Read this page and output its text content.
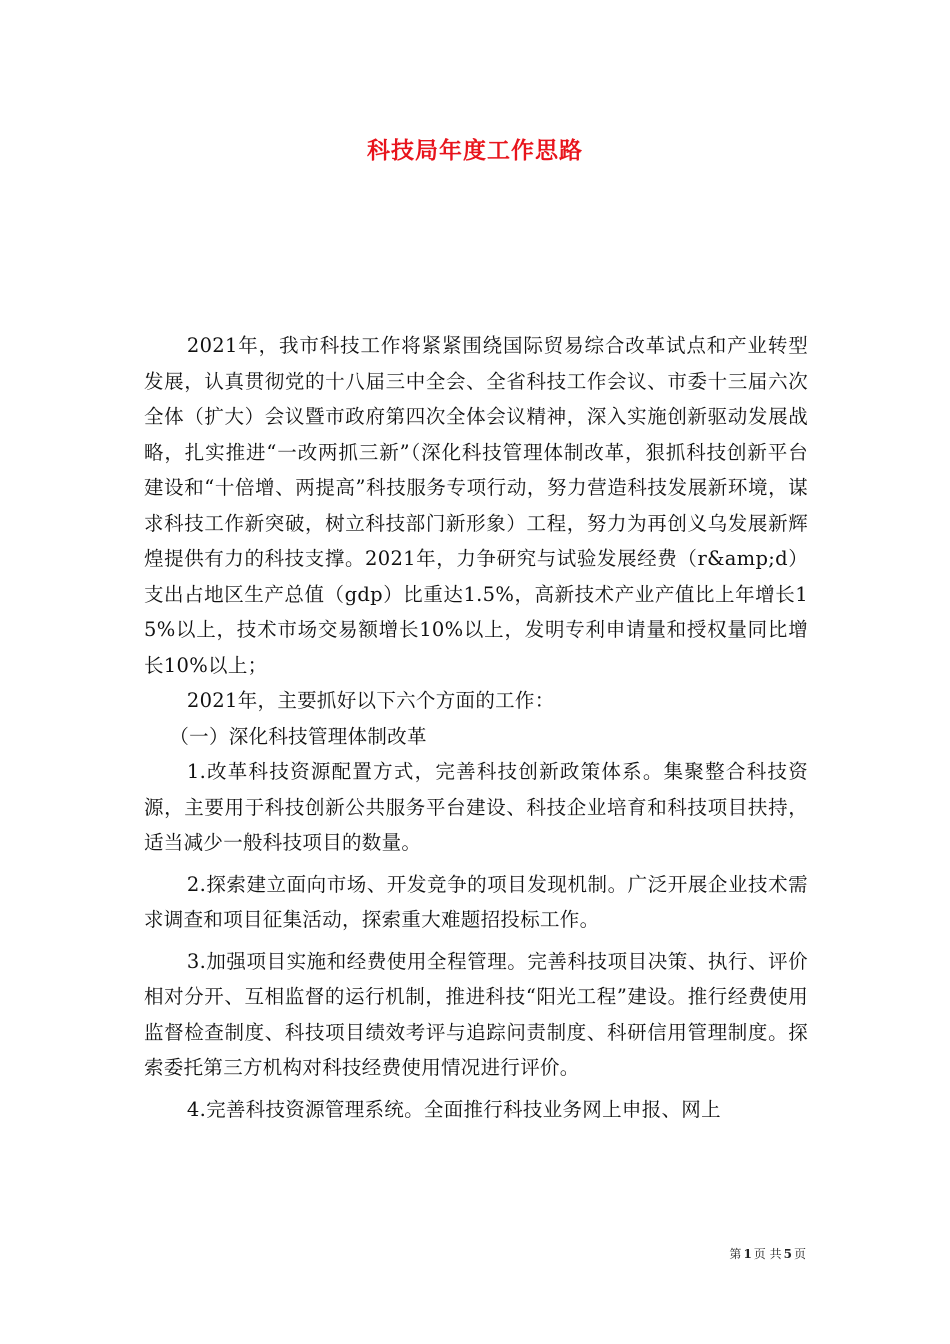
科技局年度工作思路

2021年，我市科技工作将紧紧围绕国际贸易综合改革试点和产业转型发展，认真贯彻党的十八届三中全会、全省科技工作会议、市委十三届六次全体（扩大）会议暨市政府第四次全体会议精神，深入实施创新驱动发展战略，扎实推进“一改两抓三新”（深化科技管理体制改革，狠抓科技创新平台建设和“十倍增、两提高”科技服务专项行动，努力营造科技发展新环境，谋求科技工作新突破，树立科技部门新形象）工程，努力为再创义乌发展新辉煌提供有力的科技支撑。2021年，力争研究与试验发展经费（r&amp;d）支出占地区生产总值（gdp）比重达1.5%，高新技术产业产值比上年增长15%以上，技术市场交易额增长10%以上，发明专利申请量和授权量同比增长10%以上；

2021年，主要抓好以下六个方面的工作：

（一）深化科技管理体制改革

1.改革科技资源配置方式，完善科技创新政策体系。集聚整合科技资源，主要用于科技创新公共服务平台建设、科技企业培育和科技项目扶持，适当减少一般科技项目的数量。

2.探索建立面向市场、开发竞争的项目发现机制。广泛开展企业技术需求调查和项目征集活动，探索重大难题招投标工作。

3.加强项目实施和经费使用全程管理。完善科技项目决策、执行、评价相对分开、互相监督的运行机制，推进科技“阳光工程”建设。推行经费使用监督检查制度、科技项目绩效考评与追踪问责制度、科研信用管理制度。探索委托第三方机构对科技经费使用情况进行评价。

4.完善科技资源管理系统。全面推行科技业务网上申报、网上

第 1 页 共 5 页
